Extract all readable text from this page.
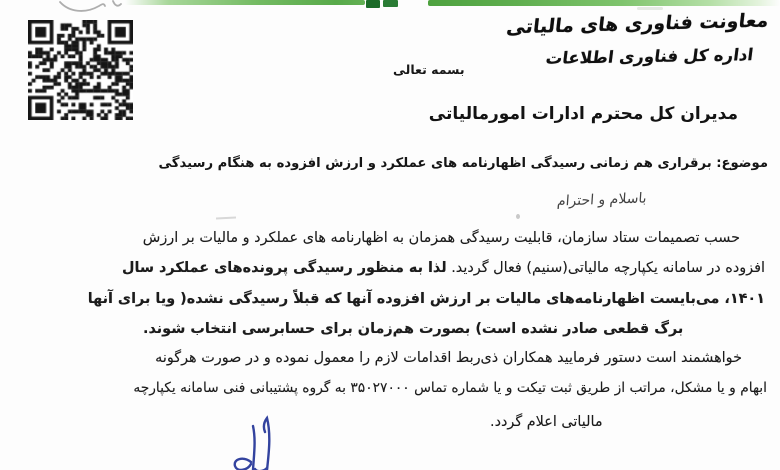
معاونت فناوری های مالیاتی
اداره کل فناوری اطلاعات
بسمه تعالی
مدیران کل محترم ادارات امورمالیاتی
موضوع: برقراری هم زمانی رسیدگی اظهارنامه های عملکرد و ارزش افزوده به هنگام رسیدگی
باسلام و احترام
حسب تصمیمات ستاد سازمان، قابلیت رسیدگی همزمان به اظهارنامه های عملکرد و مالیات بر ارزش
افزوده در سامانه یکپارچه مالیاتی(سنیم) فعال گردید. لذا به منظور رسیدگی پرونده‌های عملکرد سال
۱۴۰۱، می‌بایست اظهارنامه‌های مالیات بر ارزش افزوده آنها که قبلاً رسیدگی نشده( ویا برای آنها
برگ قطعی صادر نشده است) بصورت هم‌زمان برای حسابرسی انتخاب شوند.
خواهشمند است دستور فرمایید همکاران ذی‌ربط اقدامات لازم را معمول نموده و در صورت هرگونه
ابهام و یا مشکل، مراتب از طریق ثبت تیکت و یا شماره تماس ۳۵۰۲۷۰۰۰ به گروه پشتیبانی فنی سامانه یکپارچه
مالیاتی اعلام گردد.
